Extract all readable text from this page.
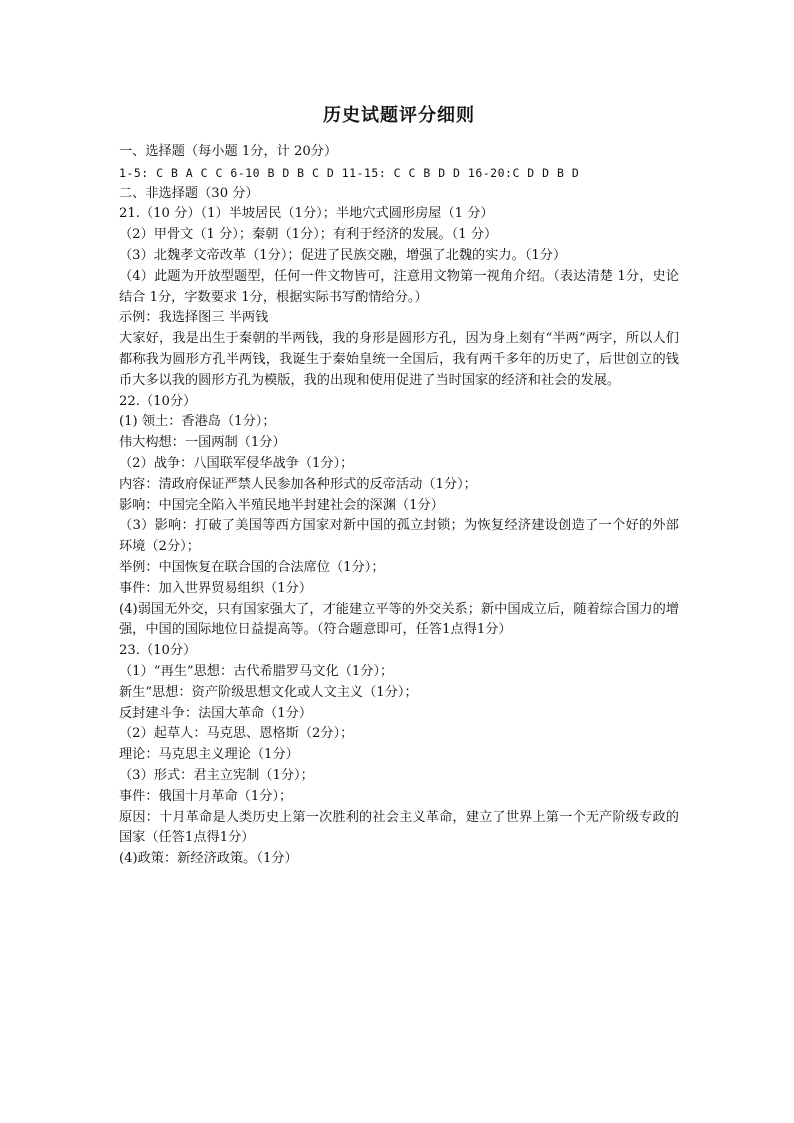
历史试题评分细则
一、选择题（每小题 1分，计 20分）
1-5: C B A C C 6-10 B D B C D 11-15: C C B D D 16-20:C D D B D
二、非选择题（30 分）
21.（10 分）（1）半坡居民（1分）；半地穴式圆形房屋（1 分）
（2）甲骨文（1 分）；秦朝（1分）；有利于经济的发展。（1 分）
（3）北魏孝文帝改革（1分）；促进了民族交融，增强了北魏的实力。（1分）
（4）此题为开放型题型，任何一件文物皆可，注意用文物第一视角介绍。（表达清楚 1分，史论结合 1分，字数要求 1分，根据实际书写酌情给分。）
示例：我选择图三 半两钱
大家好，我是出生于秦朝的半两钱，我的身形是圆形方孔，因为身上刻有“半两”两字，所以人们都称我为圆形方孔半两钱，我诞生于秦始皇统一全国后，我有两千多年的历史了，后世创立的钱币大多以我的圆形方孔为模版，我的出现和使用促进了当时国家的经济和社会的发展。
22.（10分）
(1) 领土：香港岛（1分）；
伟大构想：一国两制（1分）
（2）战争：八国联军侵华战争（1分）；
内容：清政府保证严禁人民参加各种形式的反帝活动（1分）；
影响：中国完全陷入半殖民地半封建社会的深渊（1分）
（3）影响：打破了美国等西方国家对新中国的孤立封锁；为恢复经济建设创造了一个好的外部环境（2分）；
举例：中国恢复在联合国的合法席位（1分）；
事件：加入世界贸易组织（1分）
(4)弱国无外交，只有国家强大了，才能建立平等的外交关系；新中国成立后，随着综合国力的增强，中国的国际地位日益提高等。（符合题意即可，任答1点得1分）
23.（10分）
（1）“再生”思想：古代希腊罗马文化（1分）；
新生”思想：资产阶级思想文化或人文主义（1分）；
反封建斗争：法国大革命（1分）
（2）起草人：马克思、恩格斯（2分）；
理论：马克思主义理论（1分）
（3）形式：君主立宪制（1分）；
事件：俄国十月革命（1分）；
原因：十月革命是人类历史上第一次胜利的社会主义革命，建立了世界上第一个无产阶级专政的国家（任答1点得1分）
(4)政策：新经济政策。（1分）
